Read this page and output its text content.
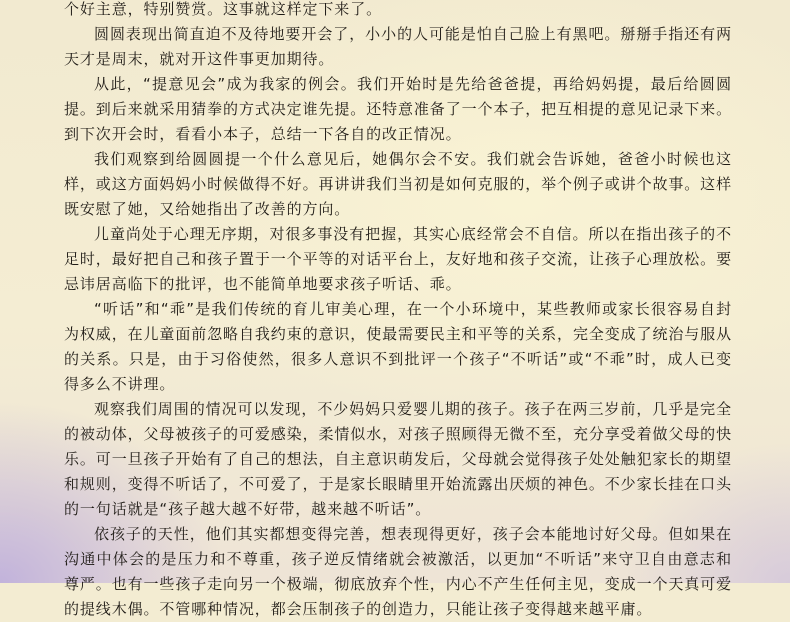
个好主意，特别赞赏。这事就这样定下来了。

圆圆表现出简直迫不及待地要开会了，小小的人可能是怕自己脸上有黑吧。掰掰手指还有两天才是周末，就对开这件事更加期待。

从此，“提意见会”成为我家的例会。我们开始时是先给爸爸提，再给妈妈提，最后给圆圆提。到后来就采用猜拳的方式决定谁先提。还特意准备了一个本子，把互相提的意见记录下来。到下次开会时，看看小本子，总结一下各自的改正情况。

我们观察到给圆圆提一个什么意见后，她偶尔会不安。我们就会告诉她，爸爸小时候也这样，或这方面妈妈小时候做得不好。再讲讲我们当初是如何克服的，举个例子或讲个故事。这样既安慰了她，又给她指出了改善的方向。

儿童尚处于心理无序期，对很多事没有把握，其实心底经常会不自信。所以在指出孩子的不足时，最好把自己和孩子置于一个平等的对话平台上，友好地和孩子交流，让孩子心理放松。要忌讳居高临下的批评，也不能简单地要求孩子听话、乖。

“听话”和“乖”是我们传统的育儿审美心理，在一个小环境中，某些教师或家长很容易自封为权威，在儿童面前忽略自我约束的意识，使最需要民主和平等的关系，完全变成了统治与服从的关系。只是，由于习俗使然，很多人意识不到批评一个孩子“不听话”或“不乖”时，成人已变得多么不讲理。

观察我们周围的情况可以发现，不少妈妈只爱婴儿期的孩子。孩子在两三岁前，几乎是完全的被动体，父母被孩子的可爱感染，柔情似水，对孩子照顾得无微不至，充分享受着做父母的快乐。可一旦孩子开始有了自己的想法，自主意识萌发后，父母就会觉得孩子处处触犯家长的期望和规则，变得不听话了，不可爱了，于是家长眼睛里开始流露出厌烦的神色。不少家长挂在口头的一句话就是“孩子越大越不好带，越来越不听话”。

依孩子的天性，他们其实都想变得完善，想表现得更好，孩子会本能地讨好父母。但如果在沟通中体会的是压力和不尊重，孩子逆反情绪就会被激活，以更加“不听话”来守卫自由意志和尊严。也有一些孩子走向另一个极端，彻底放弃个性，内心不产生任何主见，变成一个天真可爱的提线木偶。不管哪种情况，都会压制孩子的创造力，只能让孩子变得越来越平庸。
